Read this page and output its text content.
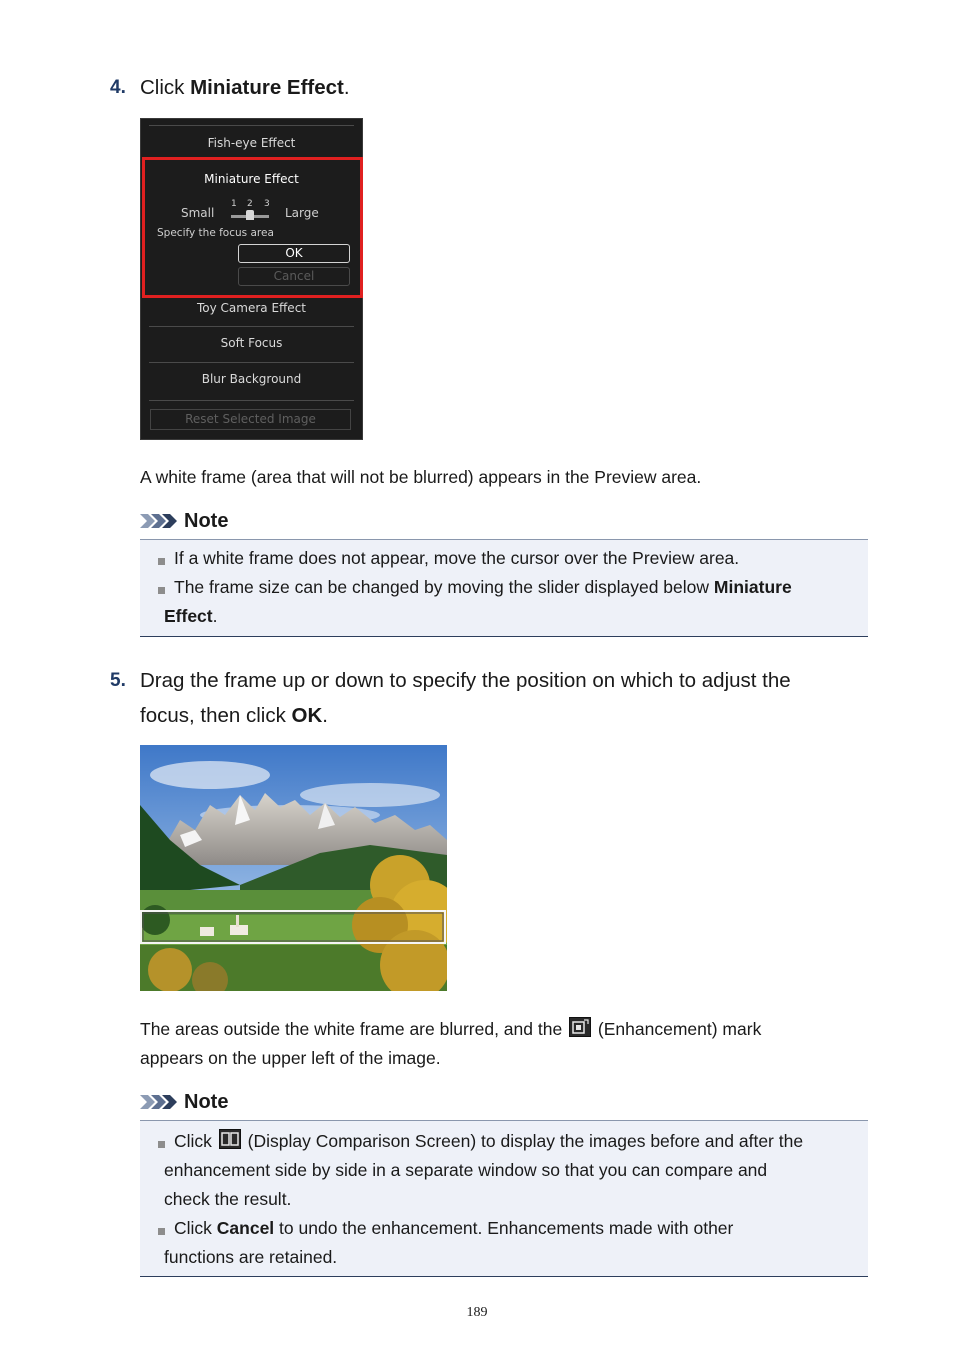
4. Click Miniature Effect.
Fish-eye Effect
Miniature Effect
Small
1 2 3
Large
Specify the focus area
OK
Cancel
Toy Camera Effect
Soft Focus
Blur Background
Reset Selected Image
A white frame (area that will not be blurred) appears in the Preview area.
Note
If a white frame does not appear, move the cursor over the Preview area.
The frame size can be changed by moving the slider displayed below Miniature
Effect.
5. Drag the frame up or down to specify the position on which to adjust the
focus, then click OK.
The areas outside the white frame are blurred, and the
(Enhancement) mark
appears on the upper left of the image.
Note
Click
(Display Comparison Screen) to display the images before and after the
enhancement side by side in a separate window so that you can compare and
check the result.
Click Cancel to undo the enhancement. Enhancements made with other
functions are retained.
189
